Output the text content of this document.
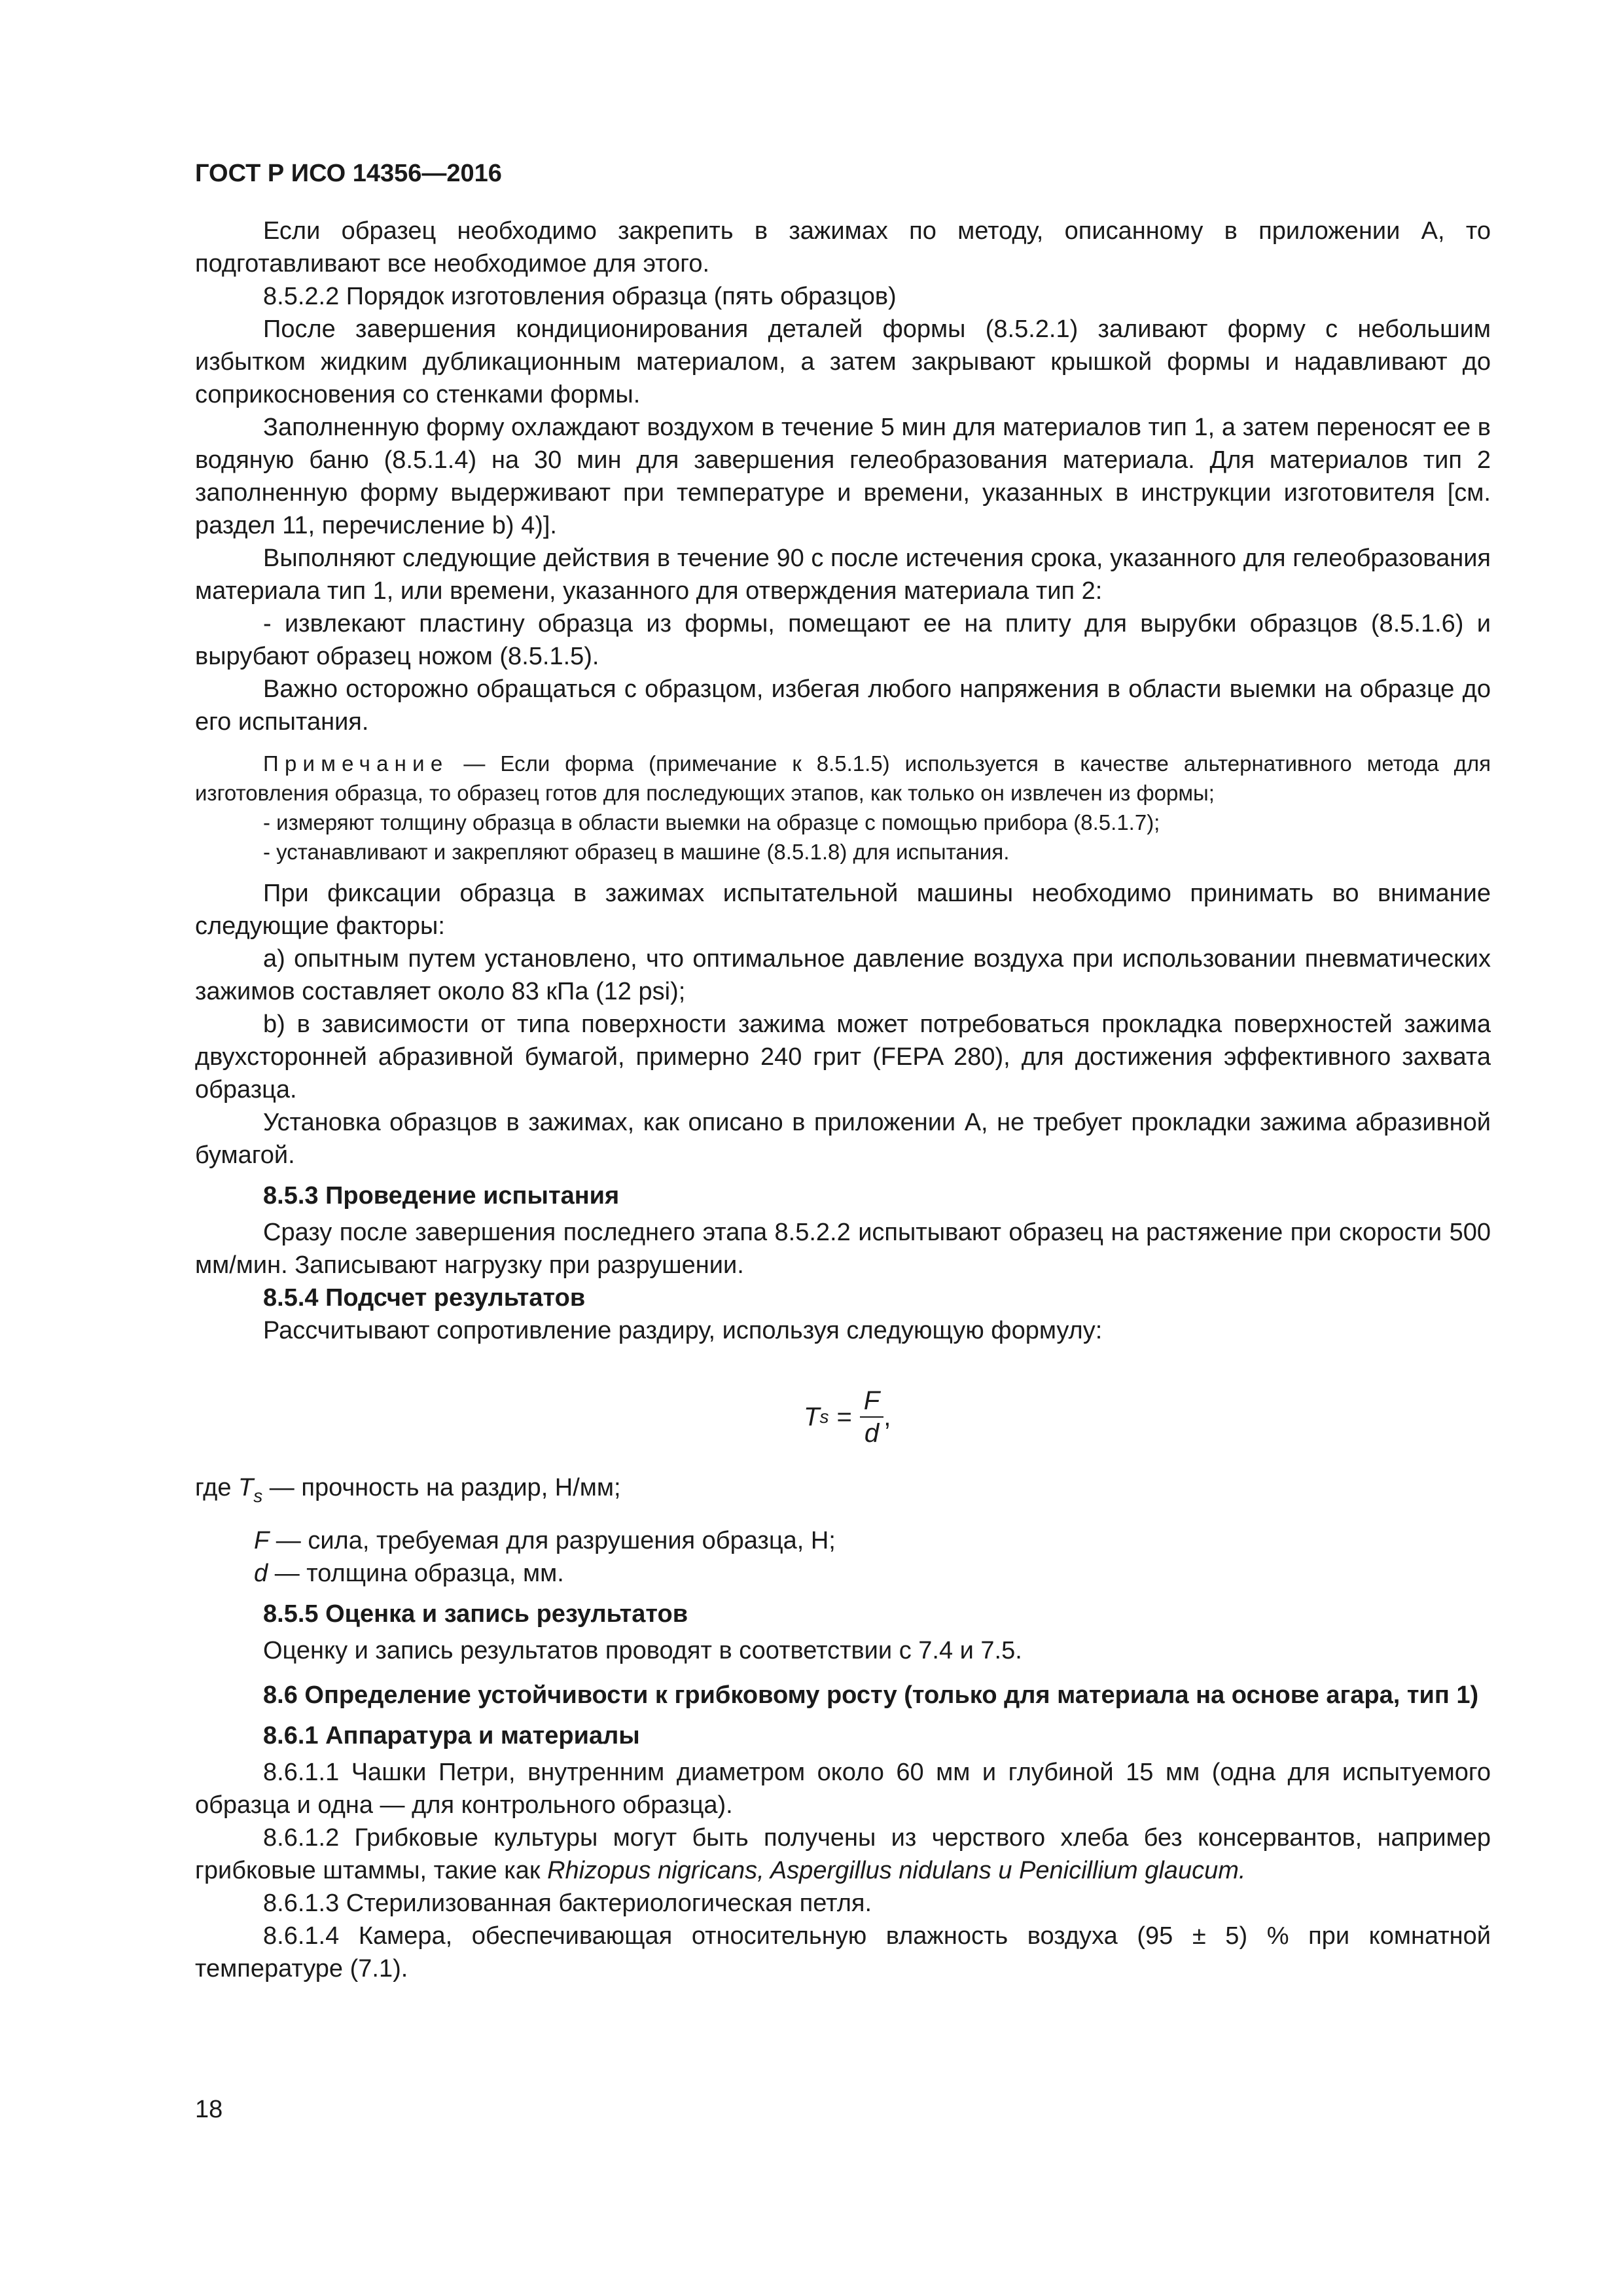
ГОСТ Р ИСО 14356—2016

Если образец необходимо закрепить в зажимах по методу, описанному в приложении А, то подготавливают все необходимое для этого.

8.5.2.2 Порядок изготовления образца (пять образцов)

После завершения кондиционирования деталей формы (8.5.2.1) заливают форму с небольшим избытком жидким дубликационным материалом, а затем закрывают крышкой формы и надавливают до соприкосновения со стенками формы.

Заполненную форму охлаждают воздухом в течение 5 мин для материалов тип 1, а затем переносят ее в водяную баню (8.5.1.4) на 30 мин для завершения гелеобразования материала. Для материалов тип 2 заполненную форму выдерживают при температуре и времени, указанных в инструкции изготовителя [см. раздел 11, перечисление b) 4)].

Выполняют следующие действия в течение 90 с после истечения срока, указанного для гелеобразования материала тип 1, или времени, указанного для отверждения материала тип 2:

- извлекают пластину образца из формы, помещают ее на плиту для вырубки образцов (8.5.1.6) и вырубают образец ножом (8.5.1.5).

Важно осторожно обращаться с образцом, избегая любого напряжения в области выемки на образце до его испытания.

Примечание — Если форма (примечание к 8.5.1.5) используется в качестве альтернативного метода для изготовления образца, то образец готов для последующих этапов, как только он извлечен из формы;

- измеряют толщину образца в области выемки на образце с помощью прибора (8.5.1.7);

- устанавливают и закрепляют образец в машине (8.5.1.8) для испытания.

При фиксации образца в зажимах испытательной машины необходимо принимать во внимание следующие факторы:

a) опытным путем установлено, что оптимальное давление воздуха при использовании пневматических зажимов составляет около 83 кПа (12 psi);

b) в зависимости от типа поверхности зажима может потребоваться прокладка поверхностей зажима двухсторонней абразивной бумагой, примерно 240 грит (FEPA 280), для достижения эффективного захвата образца.

Установка образцов в зажимах, как описано в приложении А, не требует прокладки зажима абразивной бумагой.

8.5.3 Проведение испытания

Сразу после завершения последнего этапа 8.5.2.2 испытывают образец на растяжение при скорости 500 мм/мин. Записывают нагрузку при разрушении.

8.5.4 Подсчет результатов

Рассчитывают сопротивление раздиру, используя следующую формулу:

T $s = \frac{F}{d}$ ,

где $T_s$ — прочность на раздир, Н/мм;

F — сила, требуемая для разрушения образца, Н;

d — толщина образца, мм.

8.5.5 Оценка и запись результатов

Оценку и запись результатов проводят в соответствии с 7.4 и 7.5.

8.6 Определение устойчивости к грибковому росту (только для материала на основе агара, тип 1)

8.6.1 Аппаратура и материалы

8.6.1.1 Чашки Петри, внутренним диаметром около 60 мм и глубиной 15 мм (одна для испытуемого образца и одна — для контрольного образца).

8.6.1.2 Грибковые культуры могут быть получены из черствого хлеба без консервантов, например грибковые штаммы, такие как Rhizopus nigricans, Aspergillus nidulans u Penicillium glaucum.

8.6.1.3 Стерилизованная бактериологическая петля.

8.6.1.4 Камера, обеспечивающая относительную влажность воздуха (95 ± 5) % при комнатной температуре (7.1).

18
